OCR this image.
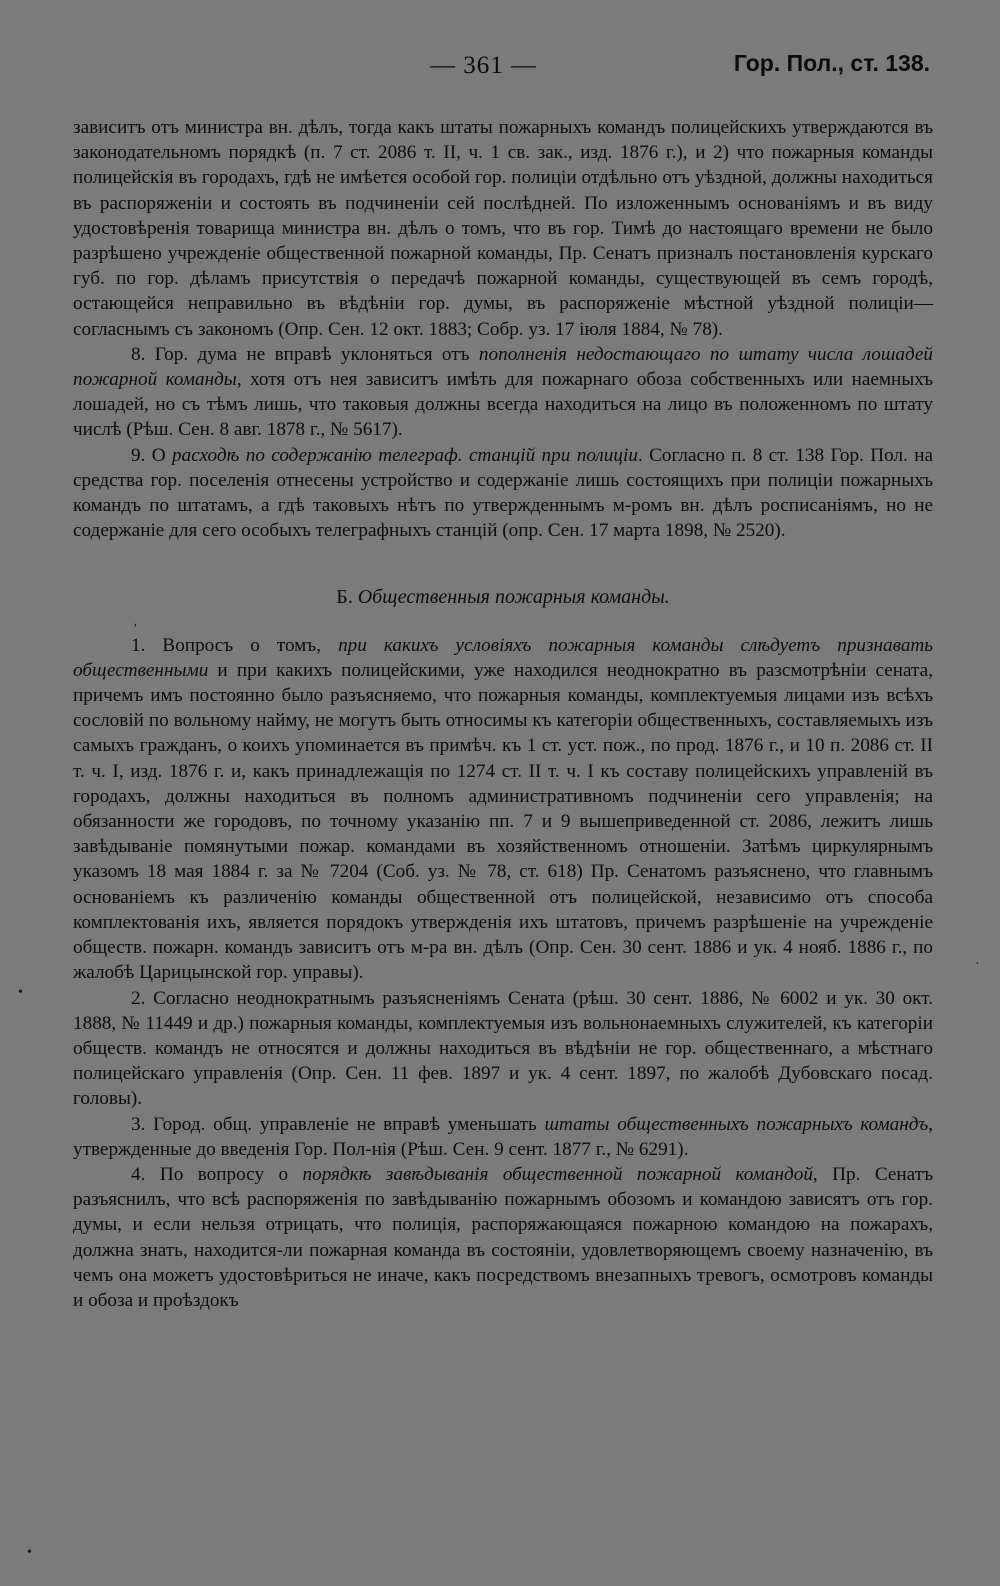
— 361 —	Гор. Пол., ст. 138.

зависитъ отъ министра вн. дѣлъ, тогда какъ штаты пожарныхъ командъ полицейскихъ утверждаются въ законодательномъ порядкѣ (п. 7 ст. 2086 т. II, ч. 1 св. зак., изд. 1876 г.), и 2) что пожарныя команды полицейскія въ городахъ, гдѣ не имѣется особой гор. полиціи отдѣльно отъ уѣздной, должны находиться въ распоряженіи и состоять въ подчиненіи сей послѣдней. По изложеннымъ основаніямъ и въ виду удостовѣренія товарища министра вн. дѣлъ о томъ, что въ гор. Тимѣ до настоящаго времени не было разрѣшено учрежденіе общественной пожарной команды, Пр. Сенатъ призналъ постановленія курскаго губ. по гор. дѣламъ присутствія о передачѣ пожарной команды, существующей въ семъ городѣ, остающейся неправильно въ вѣдѣніи гор. думы, въ распоряженіе мѣстной уѣздной полиціи—согласнымъ съ закономъ (Опр. Сен. 12 окт. 1883; Собр. уз. 17 іюля 1884, № 78).

8. Гор. дума не вправѣ уклоняться отъ пополненія недостающаго по штату числа лошадей пожарной команды, хотя отъ нея зависитъ имѣть для пожарнаго обоза собственныхъ или наемныхъ лошадей, но съ тѣмъ лишь, что таковыя должны всегда находиться на лицо въ положенномъ по штату числѣ (Рѣш. Сен. 8 авг. 1878 г., № 5617).

9. О расходѣ по содержанію телеграф. станцій при полиціи. Согласно п. 8 ст. 138 Гор. Пол. на средства гор. поселенія отнесены устройство и содержаніе лишь состоящихъ при полиціи пожарныхъ командъ по штатамъ, а гдѣ таковыхъ нѣтъ по утвержденнымъ м-ромъ вн. дѣлъ росписаніямъ, но не содержаніе для сего особыхъ телеграфныхъ станцій (опр. Сен. 17 марта 1898, № 2520).

Б. Общественныя пожарныя команды.

1. Вопросъ о томъ, при какихъ условіяхъ пожарныя команды слѣдуетъ признавать общественными и при какихъ полицейскими, уже находился неоднократно въ разсмотрѣніи сената, причемъ имъ постоянно было разъясняемо, что пожарныя команды, комплектуемыя лицами изъ всѣхъ сословій по вольному найму, не могутъ быть относимы къ категоріи общественныхъ, составляемыхъ изъ самыхъ гражданъ, о коихъ упоминается въ примѣч. къ 1 ст. уст. пож., по прод. 1876 г., и 10 п. 2086 ст. II т. ч. I, изд. 1876 г. и, какъ принадлежащія по 1274 ст. II т. ч. I къ составу полицейскихъ управленій въ городахъ, должны находиться въ полномъ административномъ подчиненіи сего управленія; на обязанности же городовъ, по точному указанію пп. 7 и 9 вышеприведенной ст. 2086, лежитъ лишь завѣдываніе помянутыми пожар. командами въ хозяйственномъ отношеніи. Затѣмъ циркулярнымъ указомъ 18 мая 1884 г. за № 7204 (Соб. уз. № 78, ст. 618) Пр. Сенатомъ разъяснено, что главнымъ основаніемъ къ различенію команды общественной отъ полицейской, независимо отъ способа комплектованія ихъ, является порядокъ утвержденія ихъ штатовъ, причемъ разрѣшеніе на учрежденіе обществ. пожарн. командъ зависитъ отъ м-ра вн. дѣлъ (Опр. Сен. 30 сент. 1886 и ук. 4 нояб. 1886 г., по жалобѣ Царицынской гор. управы).

2. Согласно неоднократнымъ разъясненіямъ Сената (рѣш. 30 сент. 1886, № 6002 и ук. 30 окт. 1888, № 11449 и др.) пожарныя команды, комплектуемыя изъ вольнонаемныхъ служителей, къ категоріи обществ. командъ не относятся и должны находиться въ вѣдѣніи не гор. общественнаго, а мѣстнаго полицейскаго управленія (Опр. Сен. 11 фев. 1897 и ук. 4 сент. 1897, по жалобѣ Дубовскаго посад. головы).

3. Город. общ. управленіе не вправѣ уменьшать штаты общественныхъ пожарныхъ командъ, утвержденные до введенія Гор. Пол-нія (Рѣш. Сен. 9 сент. 1877 г., № 6291).

4. По вопросу о порядкѣ завѣдыванія общественной пожарной командой, Пр. Сенатъ разъяснилъ, что всѣ распоряженія по завѣдыванію пожарнымъ обозомъ и командою зависятъ отъ гор. думы, и если нельзя отрицать, что полиція, распоряжающаяся пожарною командою на пожарахъ, должна знать, находится-ли пожарная команда въ состояніи, удовлетворяющемъ своему назначенію, въ чемъ она можетъ удостовѣриться не иначе, какъ посредствомъ внезапныхъ тревогъ, осмотровъ команды и обоза и проѣздокъ

ʹ
•
·
•
